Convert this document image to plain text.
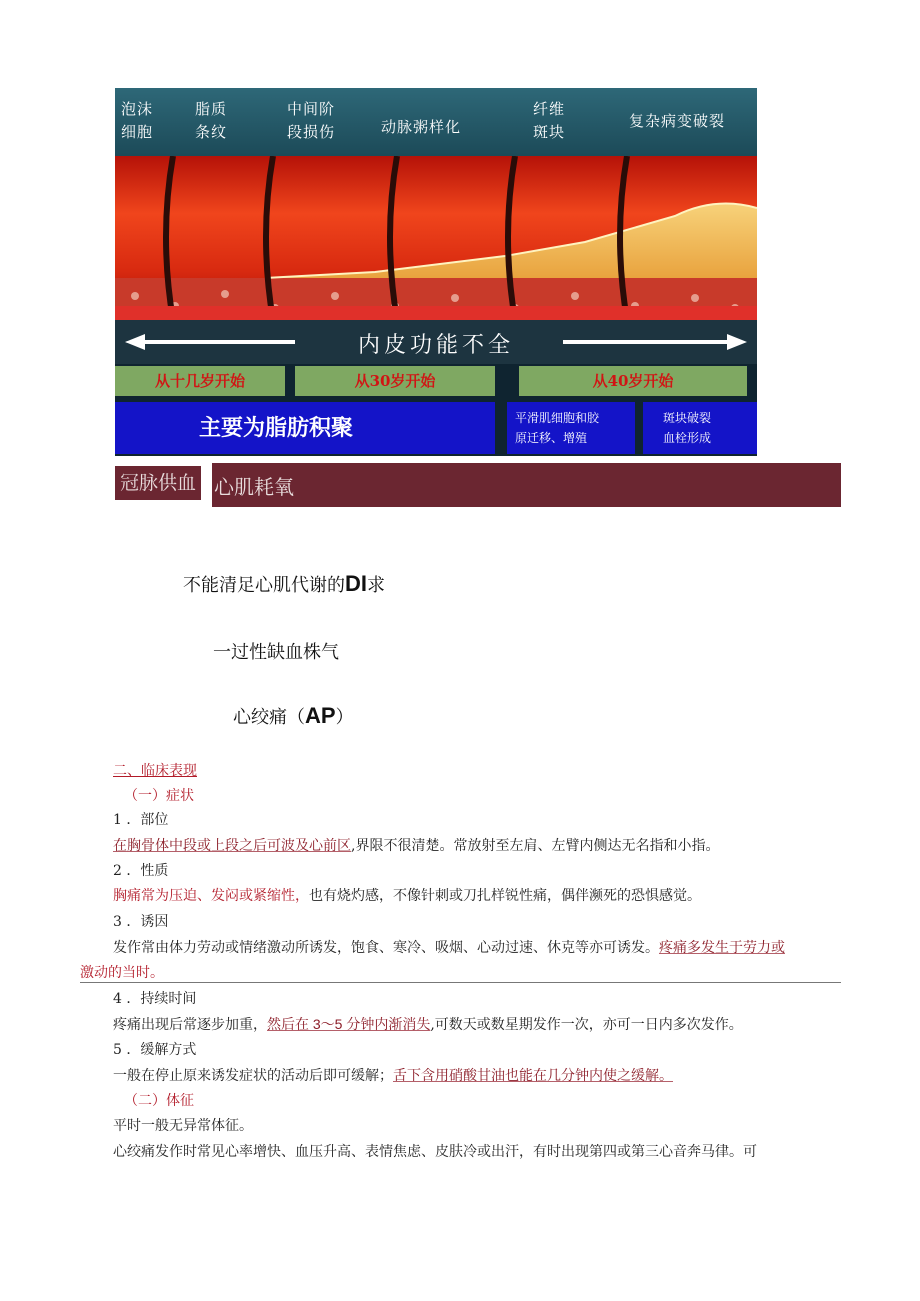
泡沫
细胞
脂质
条纹
中间阶
段损伤	动脉粥样化
纤维
斑块
复杂病变破裂
内皮功能不全
从十几岁开始	从30岁开始	从40岁开始
主要为脂肪积聚	平滑肌细胞和胶
原迁移、增殖
斑块破裂
血栓形成
冠脉供血 心肌耗氧
不能清足心肌代谢的DI求
一过性缺血株气
心绞痛（AP）
二、临床表现
（一）症状
1 ．部位
在胸骨体中段或上段之后可波及心前区,界限不很清楚。常放射至左肩、左臂内侧达无名指和小指。
2 ．性质
胸痛常为压迫、发闷或紧缩性，也有烧灼感，不像针刺或刀扎样锐性痛，偶伴濒死的恐惧感觉。
3 ．诱因
发作常由体力劳动或情绪激动所诱发，饱食、寒冷、吸烟、心动过速、休克等亦可诱发。疼痛多发生于劳力或
激动的当时。
4 ．持续时间
疼痛出现后常逐步加重，然后在 3～5 分钟内渐消失,可数天或数星期发作一次，亦可一日内多次发作。
5 ．缓解方式
一般在停止原来诱发症状的活动后即可缓解；舌下含用硝酸甘油也能在几分钟内使之缓解。
（二）体征
平时一般无异常体征。
心绞痛发作时常见心率增快、血压升高、表情焦虑、皮肤冷或出汗，有时出现第四或第三心音奔马律。可
